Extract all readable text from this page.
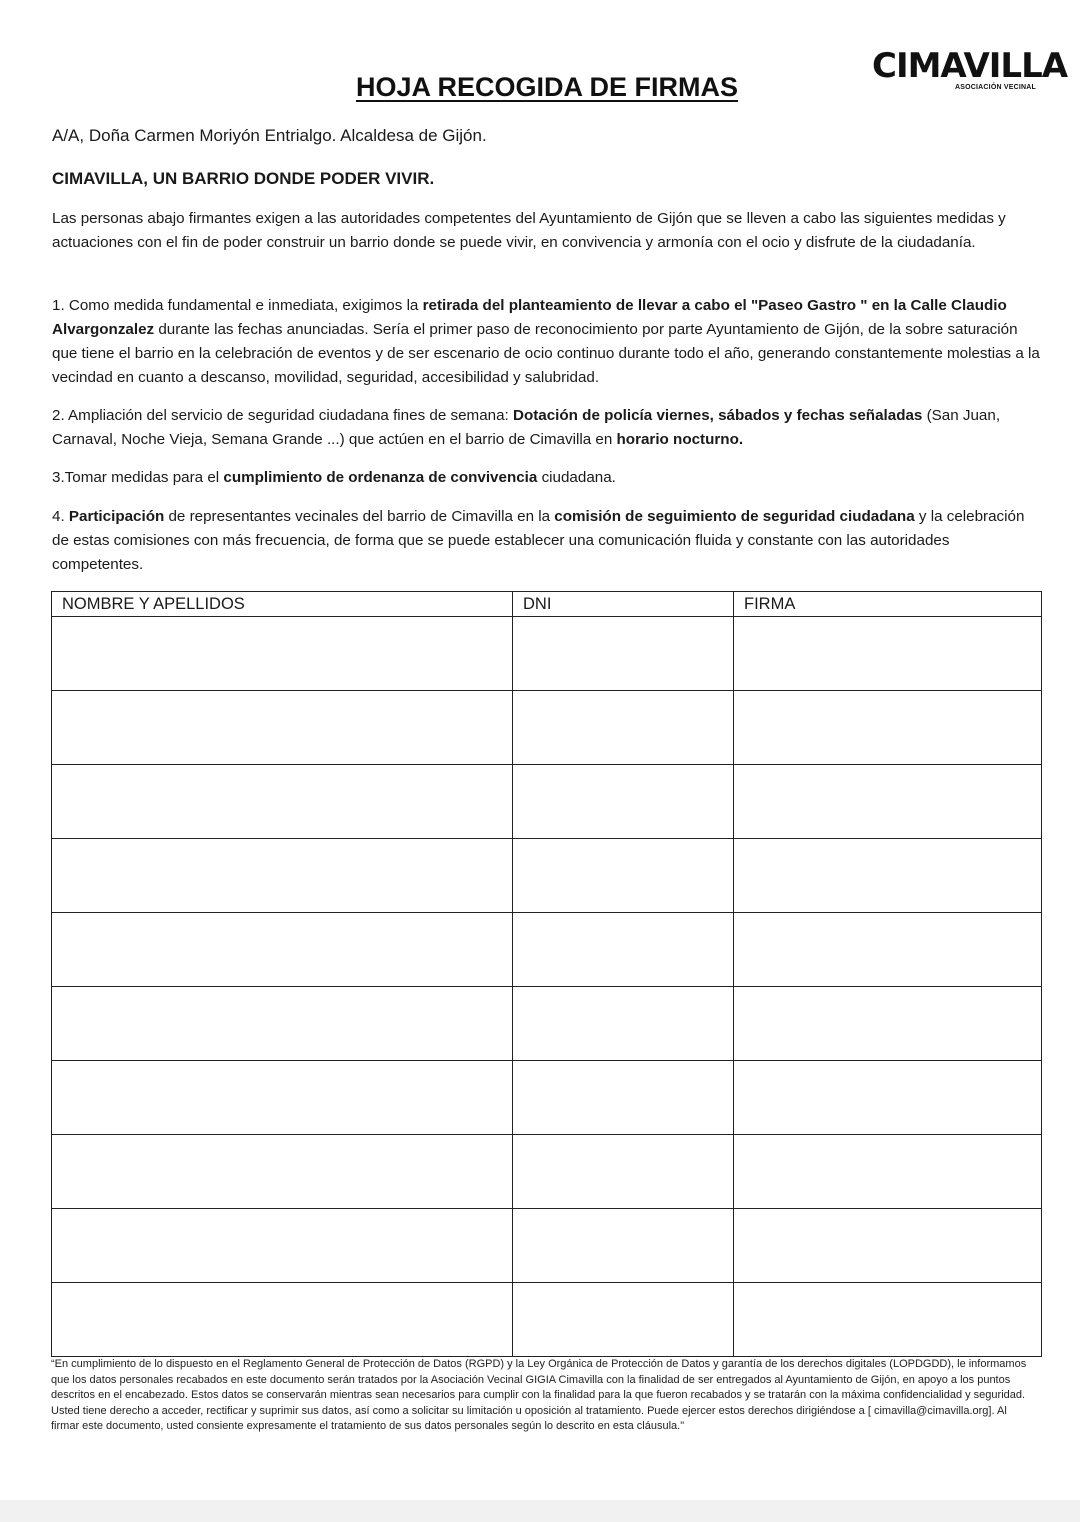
CIMAVILLA
ASOCIACIÓN VECINAL
HOJA RECOGIDA DE FIRMAS
A/A, Doña Carmen Moriyón Entrialgo. Alcaldesa de Gijón.
CIMAVILLA, UN BARRIO DONDE PODER VIVIR.

Las personas abajo firmantes exigen a las autoridades competentes del Ayuntamiento de Gijón que se lleven a cabo las siguientes medidas y actuaciones con el fin de poder construir un barrio donde se puede vivir, en convivencia y armonía con el ocio y disfrute de la ciudadanía.

1. Como medida fundamental e inmediata, exigimos la retirada del planteamiento de llevar a cabo el "Paseo Gastro " en la Calle Claudio Alvargonzalez durante las fechas anunciadas. Sería el primer paso de reconocimiento por parte Ayuntamiento de Gijón, de la sobre saturación que tiene el barrio en la celebración de eventos y de ser escenario de ocio continuo durante todo el año, generando constantemente molestias a la vecindad en cuanto a descanso, movilidad, seguridad, accesibilidad y salubridad.

2. Ampliación del servicio de seguridad ciudadana fines de semana: Dotación de policía viernes, sábados y fechas señaladas (San Juan, Carnaval, Noche Vieja, Semana Grande ...) que actúen en el barrio de Cimavilla en horario nocturno.

3.Tomar medidas para el cumplimiento de ordenanza de convivencia ciudadana.

4. Participación de representantes vecinales del barrio de Cimavilla en la comisión de seguimiento de seguridad ciudadana y la celebración de estas comisiones con más frecuencia, de forma que se puede establecer una comunicación fluida y constante con las autoridades competentes.

NOMBRE Y APELLIDOS	DNI	FIRMA

“En cumplimiento de lo dispuesto en el Reglamento General de Protección de Datos (RGPD) y la Ley Orgánica de Protección de Datos y garantía de los derechos digitales (LOPDGDD), le informamos que los datos personales recabados en este documento serán tratados por la Asociación Vecinal GIGIA Cimavilla con la finalidad de ser entregados al Ayuntamiento de Gijón, en apoyo a los puntos descritos en el encabezado. Estos datos se conservarán mientras sean necesarios para cumplir con la finalidad para la que fueron recabados y se tratarán con la máxima confidencialidad y seguridad. Usted tiene derecho a acceder, rectificar y suprimir sus datos, así como a solicitar su limitación u oposición al tratamiento. Puede ejercer estos derechos dirigiéndose a [ cimavilla@cimavilla.org]. Al firmar este documento, usted consiente expresamente el tratamiento de sus datos personales según lo descrito en esta cláusula."
